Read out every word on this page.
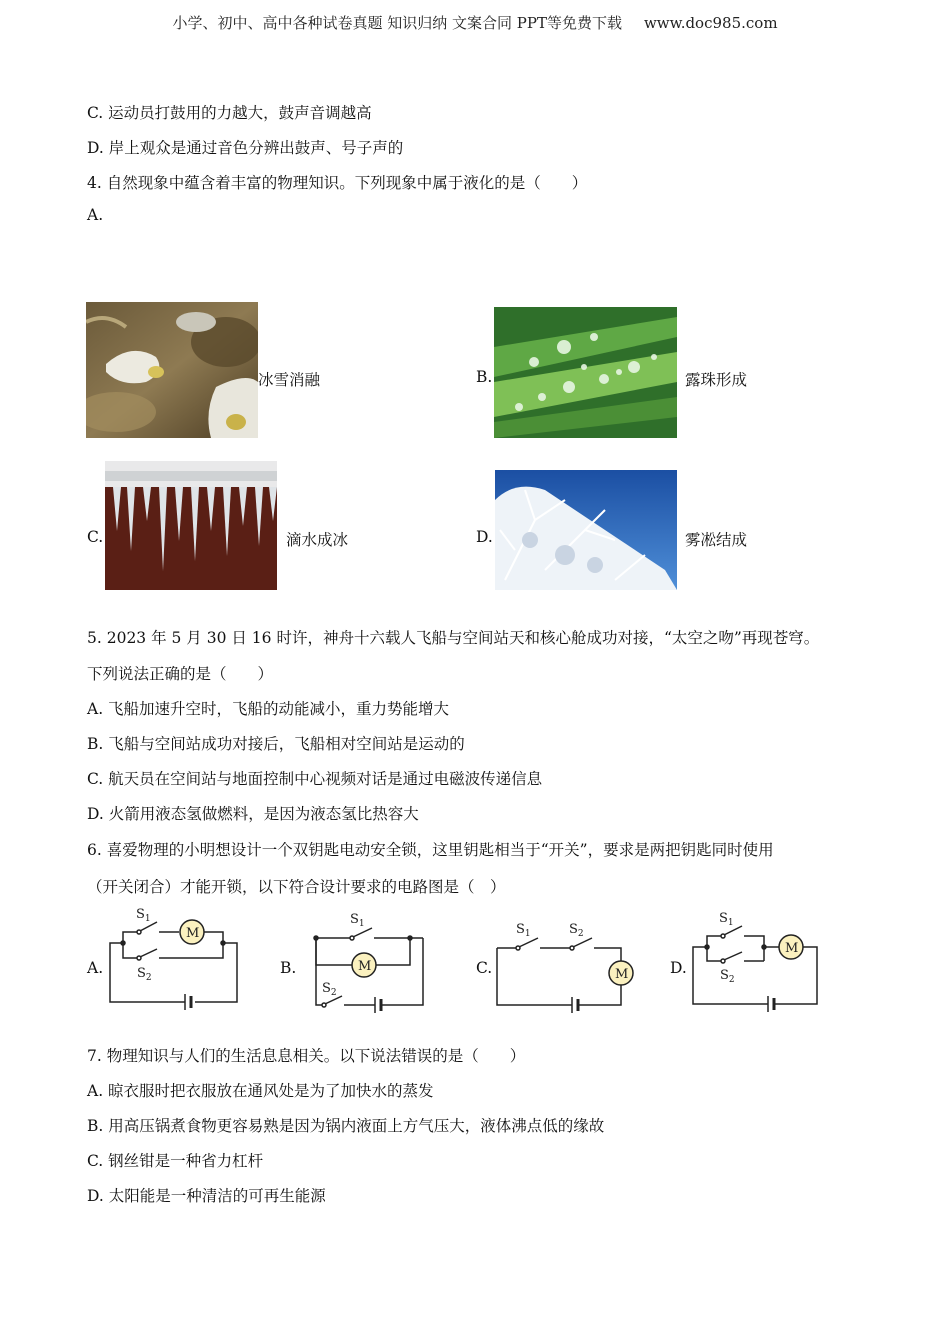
小学、初中、高中各种试卷真题 知识归纳 文案合同 PPT等免费下载 www.doc985.com
C. 运动员打鼓用的力越大，鼓声音调越高
D. 岸上观众是通过音色分辨出鼓声、号子声的
4. 自然现象中蕴含着丰富的物理知识。下列现象中属于液化的是（　　）
A.
冰雪消融	B.	露珠形成
C.	滴水成冰	D.	雾凇结成
5. 2023 年 5 月 30 日 16 时许，神舟十六载人飞船与空间站天和核心舱成功对接，“太空之吻”再现苍穹。
下列说法正确的是（　　）
A. 飞船加速升空时，飞船的动能减小，重力势能增大
B. 飞船与空间站成功对接后，飞船相对空间站是运动的
C. 航天员在空间站与地面控制中心视频对话是通过电磁波传递信息
D. 火箭用液态氢做燃料，是因为液态氢比热容大
6. 喜爱物理的小明想设计一个双钥匙电动安全锁，这里钥匙相当于“开关”，要求是两把钥匙同时使用
（开关闭合）才能开锁，以下符合设计要求的电路图是（　）
A.
$S_1$
$S_2$
M
B.
$S_1$
$S_2$
M	C.
$S_1$	$S_2$
M	D.
$S_1$
$S_2$
M
7. 物理知识与人们的生活息息相关。以下说法错误的是（　　）
A. 晾衣服时把衣服放在通风处是为了加快水的蒸发
B. 用高压锅煮食物更容易熟是因为锅内液面上方气压大，液体沸点低的缘故
C. 钢丝钳是一种省力杠杆
D. 太阳能是一种清洁的可再生能源
